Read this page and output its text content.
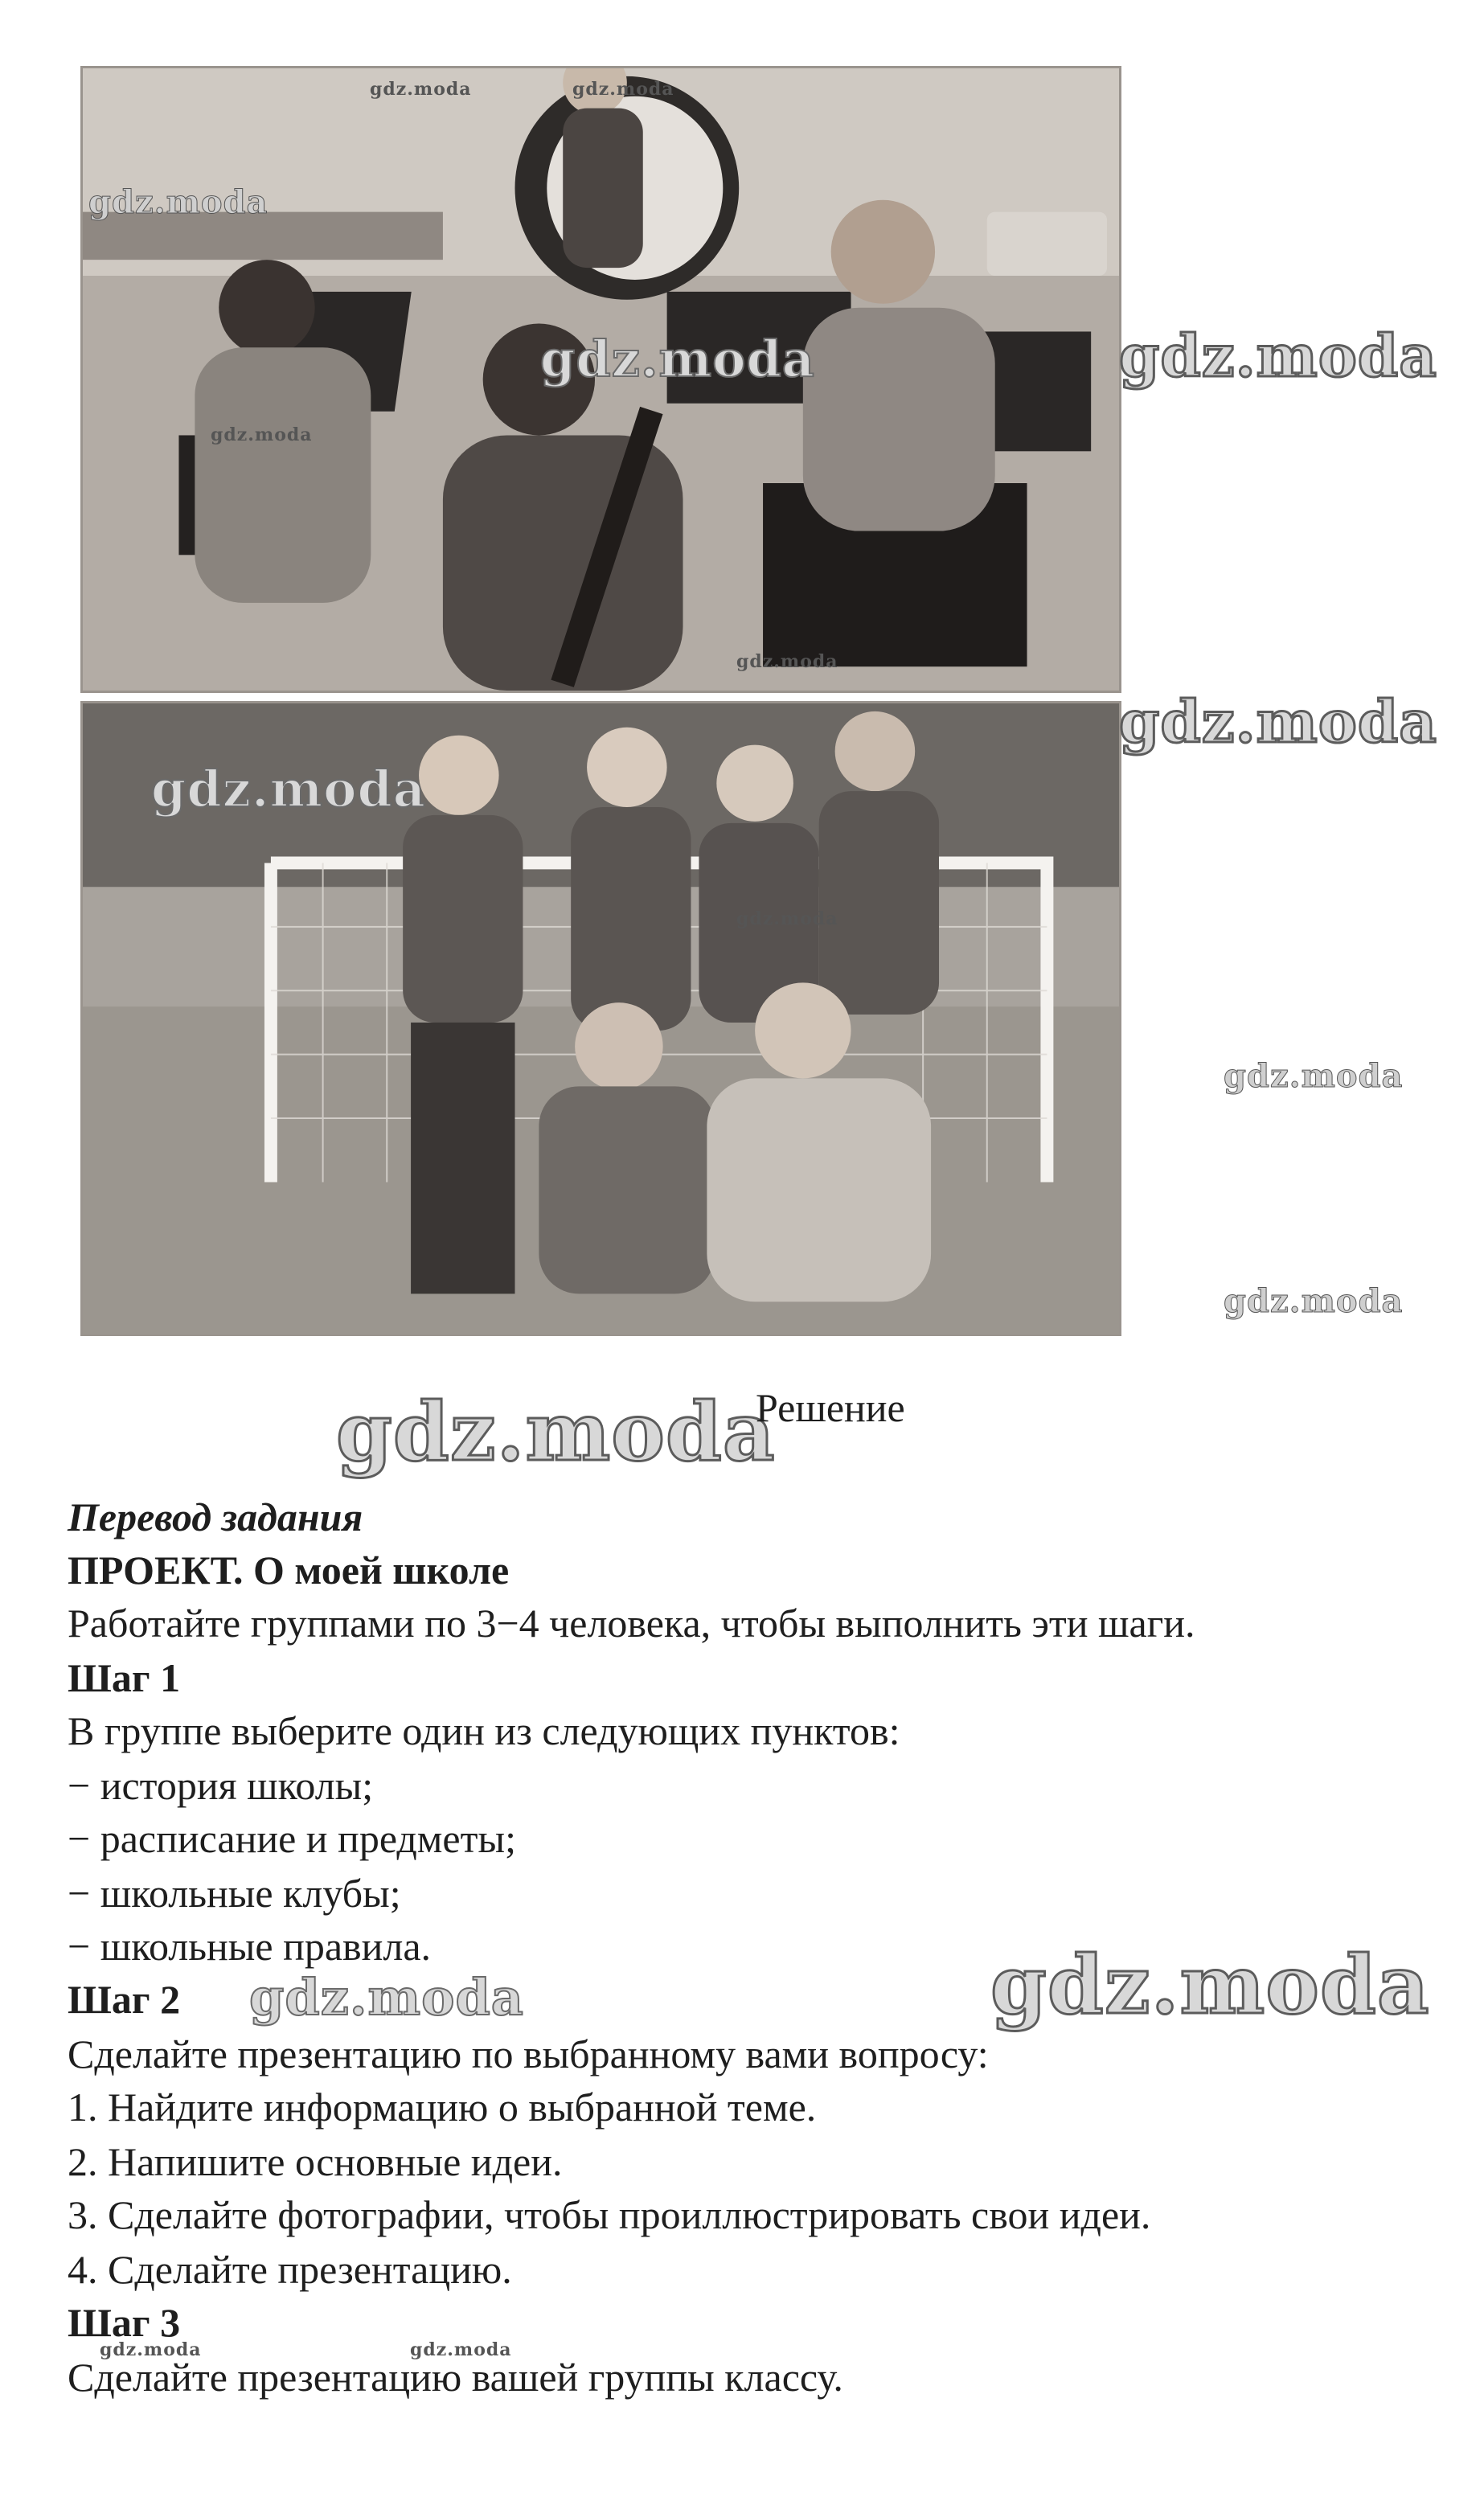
gdz.moda	gdz.moda
gdz.moda
gdz.moda	gdz.moda
gdz.moda
gdz.moda
gdz.moda
gdz.moda
gdz.moda
gdz.moda
gdz.moda
gdz.moda
gdz.moda
gdz.moda
gdz.moda	gdz.moda
Решение
Перевод задания
ПРОЕКТ. О моей школе
Работайте группами по 3−4 человека, чтобы выполнить эти шаги.
Шаг 1
В группе выберите один из следующих пунктов:
− история школы;
− расписание и предметы;
− школьные клубы;
− школьные правила.
Шаг 2
Сделайте презентацию по выбранному вами вопросу:
1. Найдите информацию о выбранной теме.
2. Напишите основные идеи.
3. Сделайте фотографии, чтобы проиллюстрировать свои идеи.
4. Сделайте презентацию.
Шаг 3
Сделайте презентацию вашей группы классу.
